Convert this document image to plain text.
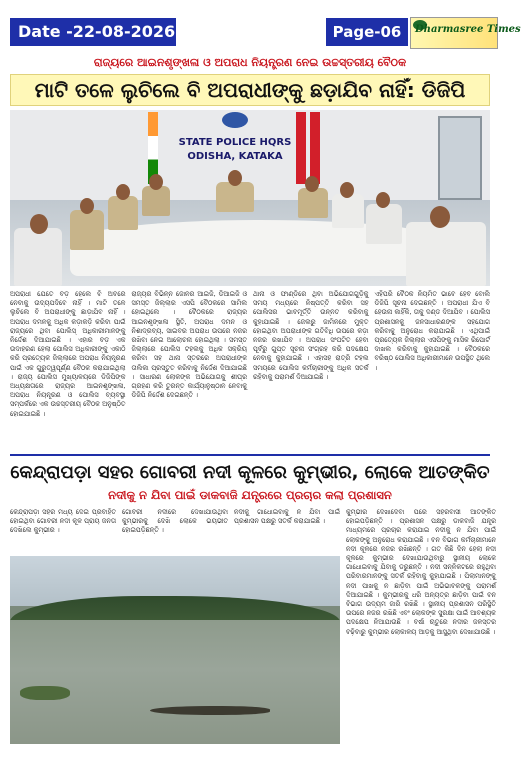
Date -22-08-2026	Page-06	Dharmasree Times
ରାଜ୍ୟରେ ଆଇନଶୃଙ୍ଖଳା ଓ ଅପରାଧ ନିୟନ୍ତ୍ରଣ ନେଇ ଉଚ୍ଚସ୍ତରୀୟ ବୈଠକ
ମାଟି ତଳେ ଲୁଚିଲେ ବି ଅପରାଧୀଙ୍କୁ ଛଡ଼ାଯିବ ନାହିଁ: ଡିଜିପି
STATE POLICE HQRS
ODISHA, KATAKA

ଅପରାଧୀ ଯେତେ ବଡ଼ ହେଲେ ବି ଅବରେ ନେବାକୁ ଉଦ୍ୟପଦିବେ ନାହିଁ । ମାଟି ତଳେ ଲୁଚିଲେ ବି ଅପରାଧୀଙ୍କୁ ଛାଡ଼ାଯିବ ନାହିଁ । ଅପରାଧ ଦମନକୁ ଅଧିକ କଡ଼ାକଡ଼ି କରିବା ପାଇଁ ରାଜ୍ୟରେ ଥିବା ପୋଲିସ୍ ଅଧିକାରୀମାନଙ୍କୁ ନିର୍ଦ୍ଦେଶ ଦିଆଯାଇଛି । ଏହାର ବଡ଼ ଏକ ଉଦାହରଣ ହେଲା ପୋଲିସ ଅଧିକାରୀଙ୍କୁ ଏକାଠି କରି ପ୍ରତ୍ୟେକ ଜିଲ୍ଲାରେ ଅପରାଧ ନିୟନ୍ତ୍ରଣ ପାଇଁ ଏକ ଗୁରୁତ୍ୱପୂର୍ଣ୍ଣ ବୈଠକ କରାଯାଇଥିଲା । ରାଜ୍ୟ ପୋଲିସ ମୁଖ୍ୟାଳୟରେ ଡିଜିପିଙ୍କ ଅଧ୍ୟକ୍ଷତାରେ ରାଜ୍ୟର ଆଇନଶୃଙ୍ଖଳା, ଅପରାଧ ନିୟନ୍ତ୍ରଣ ଓ ପୋଲିସ ବ୍ୟବସ୍ଥା ସମ୍ପର୍କରେ ଏକ ଉଚ୍ଚସ୍ତରୀୟ ବୈଠକ ଅନୁଷ୍ଠିତ ହୋଇଯାଇଛି ।

ରାଜ୍ୟର ବିଭିନ୍ନ ଜୋନର ଆଇଜି, ଡିଆଇଜି ଓ ସମସ୍ତ ଜିଲ୍ଲାର ଏସପି ବୈଠକରେ ସାମିଲ ହୋଇଥିଲେ । ବୈଠକରେ ରାଜ୍ୟର ଆଇନଶୃଙ୍ଖଳା ସ୍ଥିତି, ଅପରାଧ ଦମନ ଓ ନିଶାଦ୍ରବ୍ୟ, ସାଇବର ଅପରାଧ ଉପରେ ନଜର ରଖିବା ନେଇ ଆଲୋଚନା ହୋଇଥିଲା । ସମସ୍ତ ଜିଲ୍ଲାରେ ପୋଲିସ ଟହଲକୁ ଅଧିକ ସକ୍ରିୟ କରିବା ସହ ଥାନା ସ୍ତରରେ ଅପରାଧୀଙ୍କ ତାଲିକା ପ୍ରସ୍ତୁତ କରିବାକୁ ନିର୍ଦ୍ଦେଶ ଦିଆଯାଇଛି । ସାଧାରଣ ଲୋକଙ୍କ ଅଭିଯୋଗକୁ ଶୀଘ୍ର ଗ୍ରହଣ କରି ତୁରନ୍ତ କାର୍ଯ୍ୟାନୁଷ୍ଠାନ ନେବାକୁ ଡିଜିପି ନିର୍ଦ୍ଦେଶ ଦେଇଛନ୍ତି ।

ଥାନା ଓ ଫାଣ୍ଡିରେ ଥିବା ଅଭିଯୋଗଗୁଡ଼ିକୁ ସମୟ ମଧ୍ୟରେ ନିଷ୍ପତ୍ତି କରିବା ସହ ପୋଲିସର ଭାବମୂର୍ତ୍ତି ଉନ୍ନତ କରିବାକୁ କୁହାଯାଇଛି । ଜେଲରୁ ଜାମିନରେ ମୁକ୍ତ ହୋଇଥିବା ଅପରାଧୀଙ୍କ ଗତିବିଧି ଉପରେ କଡ଼ା ନଜର ରଖାଯିବ । ଅପରାଧ ସଂଘଟିତ ହେବା ପୂର୍ବରୁ ଗୁପ୍ତ ସୂଚନା ସଂଗ୍ରହ କରି ପଦକ୍ଷେପ ନେବାକୁ କୁହାଯାଇଛି । ଏହାସହ ରାତ୍ରି ଟହଲ ସମୟରେ ପୋଲିସ କର୍ମଚାରୀଙ୍କୁ ଅଧିକ ସତର୍କ ରହିବାକୁ ପରାମର୍ଶ ଦିଆଯାଇଛି ।

ଏହିପରି ବୈଠକ ନିୟମିତ ଭାବେ ହେବ ବୋଲି ଡିଜିପି ସୂଚନା ଦେଇଛନ୍ତି । ଅପରାଧୀ ଯିଏ ବି ହେଉନା କାହିଁକି, ତାକୁ ଦଣ୍ଡ ଦିଆଯିବ । ପୋଲିସ ପ୍ରଶାସନକୁ ଜନସାଧାରଣଙ୍କ ସହଯୋଗ କରିବାକୁ ଅନୁରୋଧ କରାଯାଇଛି । ଏଥିପାଇଁ ପ୍ରତ୍ୟେକ ଜିଲ୍ଲାର ଏସପିଙ୍କୁ ମାସିକ ରିପୋର୍ଟ ଦାଖଲ କରିବାକୁ କୁହାଯାଇଛି । ବୈଠକରେ ବରିଷ୍ଠ ପୋଲିସ ଅଧିକାରୀମାନେ ଉପସ୍ଥିତ ଥିଲେ ।

କେନ୍ଦ୍ରାପଡ଼ା ସହର ଗୋବରୀ ନଦୀ କୂଳରେ କୁମ୍ଭୀର, ଲୋକେ ଆତଙ୍କିତ
ନଦୀକୁ ନ ଯିବା ପାଇଁ ଡାକବାଜି ଯନ୍ତ୍ରରେ ପ୍ରଚାର କଲା ପ୍ରଶାସନ

କେନ୍ଦ୍ରାପଡ଼ା ସହର ମଧ୍ୟ ଦେଇ ପ୍ରବାହିତ ହୋଇଥିବା ଗୋବରୀ ନଦୀ କୂଳ ପ୍ରାୟ ଜନତା ଦେଖିଲେ କୁମ୍ଭୀର ।

ଗୋବରୀ ନଦୀରେ ଦେଖାଯାଉଥିବା କୁମ୍ଭୀରକୁ ଦେଖି ଲୋକେ ଭୟଭୀତ ହୋଇପଡ଼ିଛନ୍ତି ।

ନଦୀକୁ ଗାଧୋଇବାକୁ ନ ଯିବା ପାଇଁ ପ୍ରଶାସନ ପକ୍ଷରୁ ସତର୍କ କରାଯାଇଛି ।

କୁମ୍ଭୀର ଦେଖାଦେବା ପରେ ସହରବାସୀ ଆତଙ୍କିତ ହୋଇପଡ଼ିଛନ୍ତି । ପ୍ରଶାସନ ପକ୍ଷରୁ ଡାକବାଜି ଯନ୍ତ୍ର ମାଧ୍ୟମରେ ପ୍ରଚାର କରାଯାଇ ନଦୀକୁ ନ ଯିବା ପାଇଁ ଲୋକଙ୍କୁ ଅନୁରୋଧ କରାଯାଇଛି । ବନ ବିଭାଗ କର୍ମଚାରୀମାନେ ନଦୀ କୂଳରେ ନଜର ରଖିଛନ୍ତି । ଗତ କିଛି ଦିନ ହେଲା ନଦୀ କୂଳରେ କୁମ୍ଭୀର ଦେଖାଯାଉଥିବାରୁ ସ୍ଥାନୀୟ ଲୋକେ ଗାଧୋଇବାକୁ ଯିବାକୁ ଡରୁଛନ୍ତି । ନଦୀ ସନ୍ନିକଟରେ ରହୁଥିବା ପରିବାରମାନଙ୍କୁ ସତର୍କ ରହିବାକୁ କୁହାଯାଇଛି । ପିଲାମାନଙ୍କୁ ନଦୀ ପାଖକୁ ନ ଛାଡ଼ିବା ପାଇଁ ଅଭିଭାବକଙ୍କୁ ପରାମର୍ଶ ଦିଆଯାଇଛି । କୁମ୍ଭୀରକୁ ଧରି ଅନ୍ୟତ୍ର ଛାଡ଼ିବା ପାଇଁ ବନ ବିଭାଗ ଉଦ୍ୟମ ଜାରି ରଖିଛି । ସ୍ଥାନୀୟ ପ୍ରଶାସନ ପରିସ୍ଥିତି ଉପରେ ନଜର ରଖିଛି ଏବଂ ଲୋକଙ୍କ ସୁରକ୍ଷା ପାଇଁ ଆବଶ୍ୟକ ପଦକ୍ଷେପ ନିଆଯାଉଛି । ବର୍ଷା ଋତୁରେ ନଦୀର ଜଳସ୍ତର ବଢ଼ିବାରୁ କୁମ୍ଭୀର ଲୋକାଳୟ ଆଡ଼କୁ ଆସୁଥିବା ଦେଖାଯାଉଛି ।
